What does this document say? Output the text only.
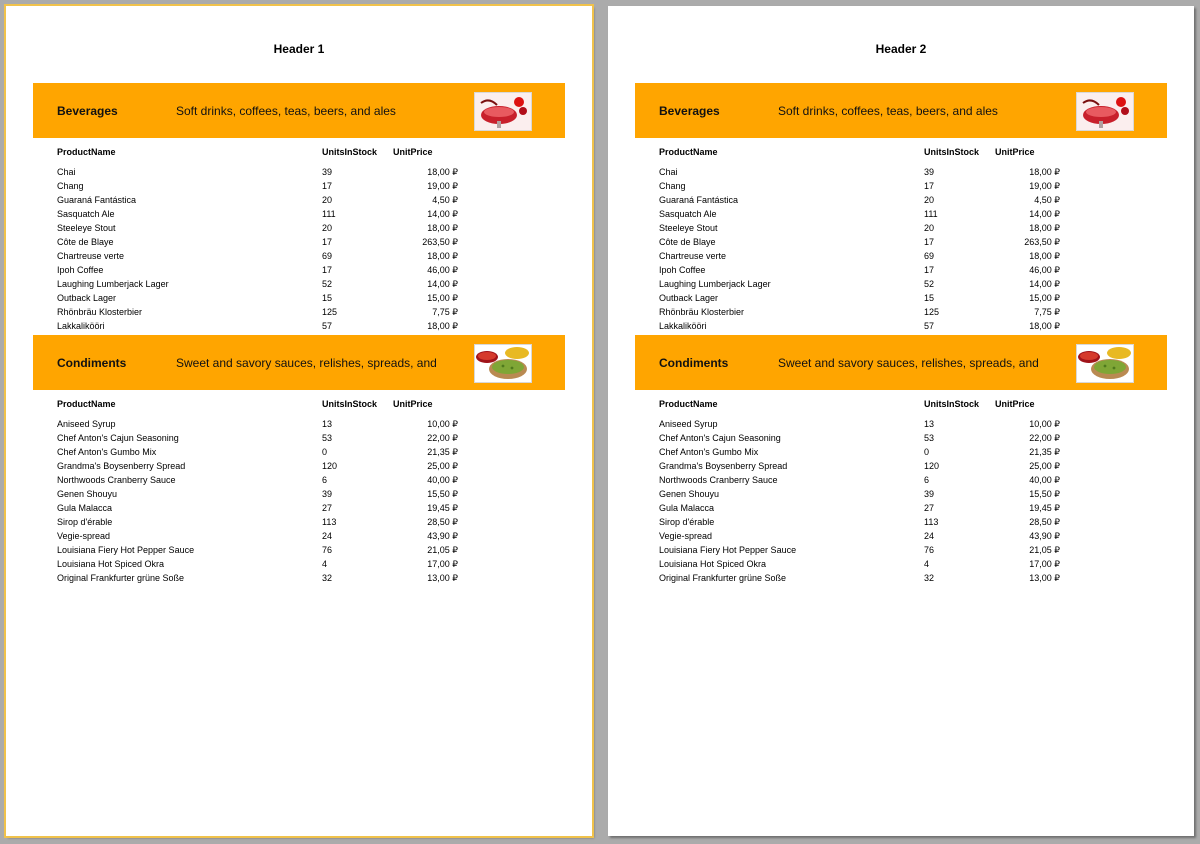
Header 1
Beverages	Soft drinks, coffees, teas, beers, and ales
ProductName	UnitsInStock UnitPrice
Chai	39	18,00 ₽
Chang	17	19,00 ₽
Guaraná Fantástica	20	4,50 ₽
Sasquatch Ale	111	14,00 ₽
Steeleye Stout	20	18,00 ₽
Côte de Blaye	17	263,50 ₽
Chartreuse verte	69	18,00 ₽
Ipoh Coffee	17	46,00 ₽
Laughing Lumberjack Lager	52	14,00 ₽
Outback Lager	15	15,00 ₽
Rhönbräu Klosterbier	125	7,75 ₽
Lakkalikööri	57	18,00 ₽
Condiments	Sweet and savory sauces, relishes, spreads, and
ProductName	UnitsInStock UnitPrice
Aniseed Syrup	13	10,00 ₽
Chef Anton's Cajun Seasoning	53	22,00 ₽
Chef Anton's Gumbo Mix	0	21,35 ₽
Grandma's Boysenberry Spread	120	25,00 ₽
Northwoods Cranberry Sauce	6	40,00 ₽
Genen Shouyu	39	15,50 ₽
Gula Malacca	27	19,45 ₽
Sirop d'érable	113	28,50 ₽
Vegie-spread	24	43,90 ₽
Louisiana Fiery Hot Pepper Sauce	76	21,05 ₽
Louisiana Hot Spiced Okra	4	17,00 ₽
Original Frankfurter grüne Soße	32	13,00 ₽
Header 2
Beverages	Soft drinks, coffees, teas, beers, and ales
ProductName	UnitsInStock UnitPrice
Chai	39	18,00 ₽
Chang	17	19,00 ₽
Guaraná Fantástica	20	4,50 ₽
Sasquatch Ale	111	14,00 ₽
Steeleye Stout	20	18,00 ₽
Côte de Blaye	17	263,50 ₽
Chartreuse verte	69	18,00 ₽
Ipoh Coffee	17	46,00 ₽
Laughing Lumberjack Lager	52	14,00 ₽
Outback Lager	15	15,00 ₽
Rhönbräu Klosterbier	125	7,75 ₽
Lakkalikööri	57	18,00 ₽
Condiments	Sweet and savory sauces, relishes, spreads, and
ProductName	UnitsInStock UnitPrice
Aniseed Syrup	13	10,00 ₽
Chef Anton's Cajun Seasoning	53	22,00 ₽
Chef Anton's Gumbo Mix	0	21,35 ₽
Grandma's Boysenberry Spread	120	25,00 ₽
Northwoods Cranberry Sauce	6	40,00 ₽
Genen Shouyu	39	15,50 ₽
Gula Malacca	27	19,45 ₽
Sirop d'érable	113	28,50 ₽
Vegie-spread	24	43,90 ₽
Louisiana Fiery Hot Pepper Sauce	76	21,05 ₽
Louisiana Hot Spiced Okra	4	17,00 ₽
Original Frankfurter grüne Soße	32	13,00 ₽
